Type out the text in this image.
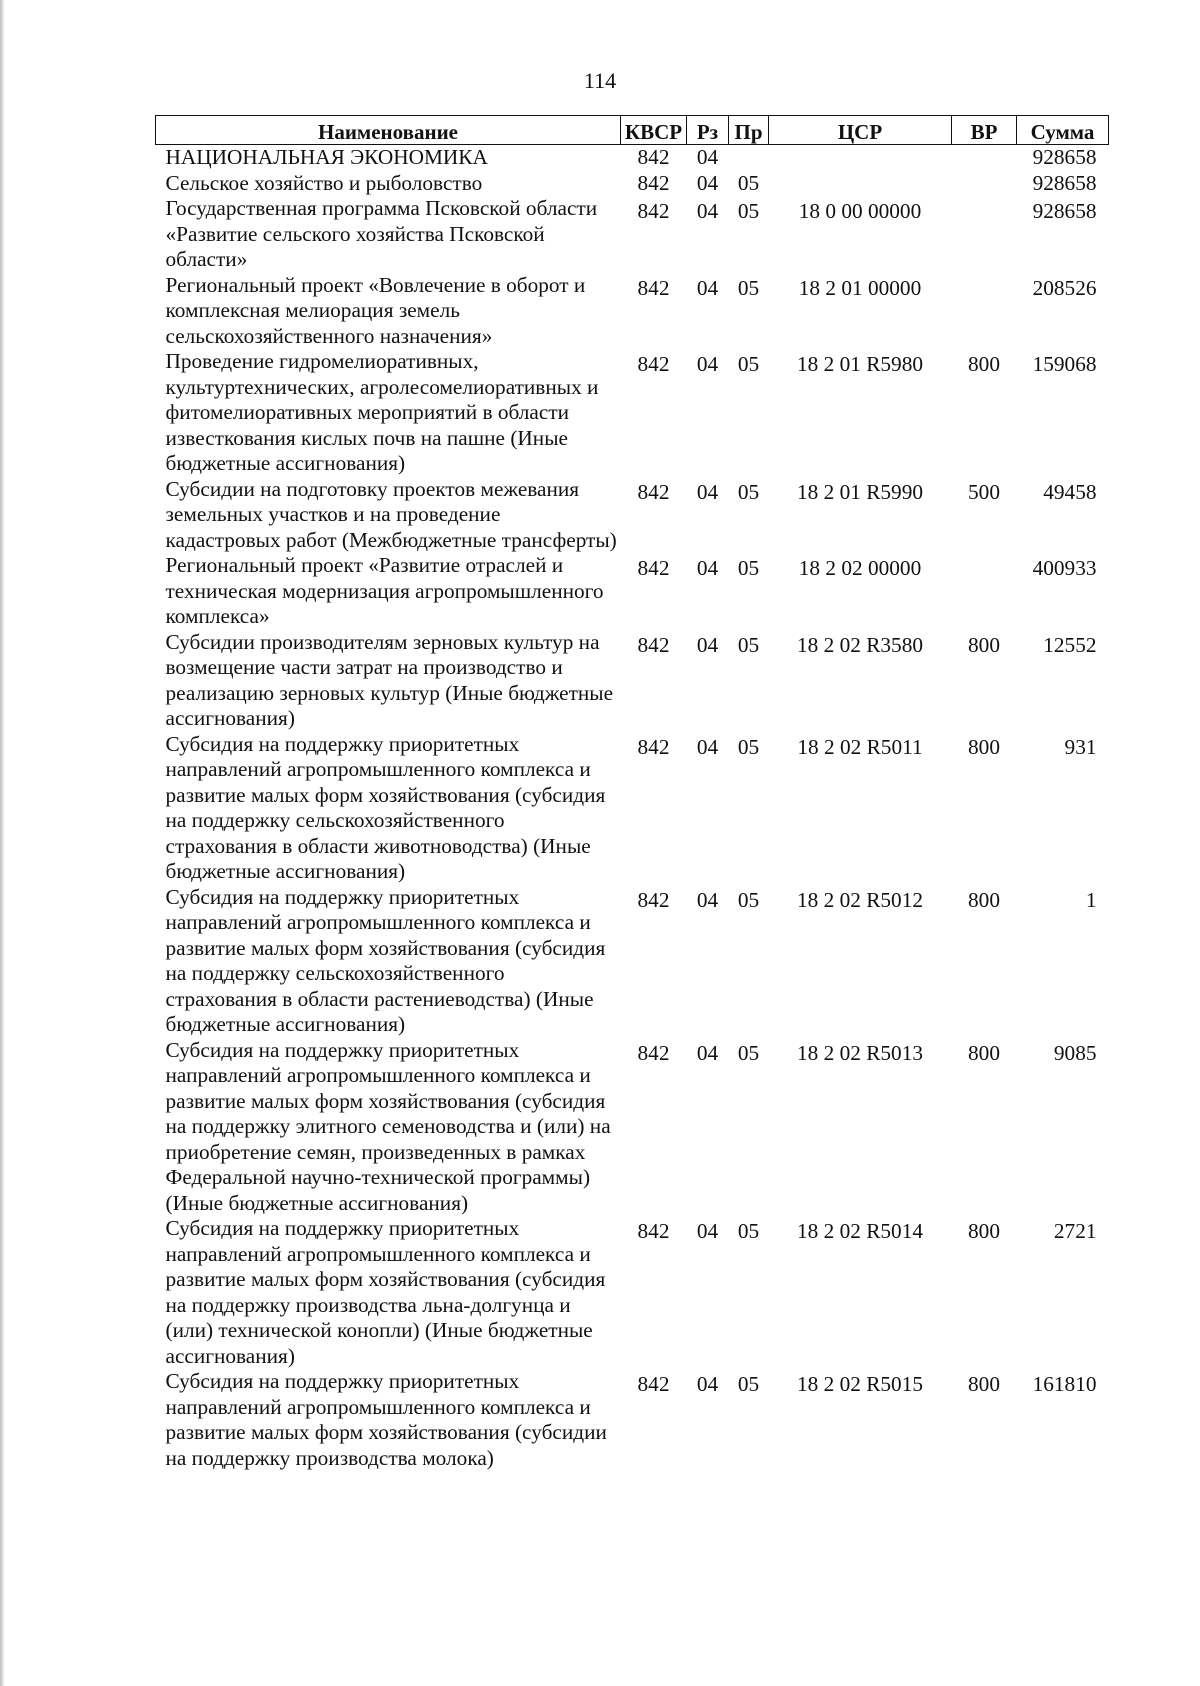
114
Наименование	КВСР	Рз	Пр	ЦСР	ВР	Сумма
НАЦИОНАЛЬНАЯ ЭКОНОМИКА	842	04				928658
Сельское хозяйство и рыболовство	842	04	05			928658
Государственная программа Псковской области «Развитие сельского хозяйства Псковской области»	842	04	05	18 0 00 00000		928658
Региональный проект «Вовлечение в оборот и комплексная мелиорация земель сельскохозяйственного назначения»	842	04	05	18 2 01 00000		208526
Проведение гидромелиоративных, культуртехнических, агролесомелиоративных и фитомелиоративных мероприятий в области известкования кислых почв на пашне (Иные бюджетные ассигнования)	842	04	05	18 2 01 R5980	800	159068
Субсидии на подготовку проектов межевания земельных участков и на проведение кадастровых работ (Межбюджетные трансферты)	842	04	05	18 2 01 R5990	500	49458
Региональный проект «Развитие отраслей и техническая модернизация агропромышленного комплекса»	842	04	05	18 2 02 00000		400933
Субсидии производителям зерновых культур на возмещение части затрат на производство и реализацию зерновых культур (Иные бюджетные ассигнования)	842	04	05	18 2 02 R3580	800	12552
Субсидия на поддержку приоритетных направлений агропромышленного комплекса и развитие малых форм хозяйствования (субсидия на поддержку сельскохозяйственного страхования в области животноводства) (Иные бюджетные ассигнования)	842	04	05	18 2 02 R5011	800	931
Субсидия на поддержку приоритетных направлений агропромышленного комплекса и развитие малых форм хозяйствования (субсидия на поддержку сельскохозяйственного страхования в области растениеводства) (Иные бюджетные ассигнования)	842	04	05	18 2 02 R5012	800	1
Субсидия на поддержку приоритетных направлений агропромышленного комплекса и развитие малых форм хозяйствования (субсидия на поддержку элитного семеноводства и (или) на приобретение семян, произведенных в рамках Федеральной научно-технической программы) (Иные бюджетные ассигнования)	842	04	05	18 2 02 R5013	800	9085
Субсидия на поддержку приоритетных направлений агропромышленного комплекса и развитие малых форм хозяйствования (субсидия на поддержку производства льна-долгунца и (или) технической конопли) (Иные бюджетные ассигнования)	842	04	05	18 2 02 R5014	800	2721
Субсидия на поддержку приоритетных направлений агропромышленного комплекса и развитие малых форм хозяйствования (субсидии на поддержку производства молока)	842	04	05	18 2 02 R5015	800	161810
